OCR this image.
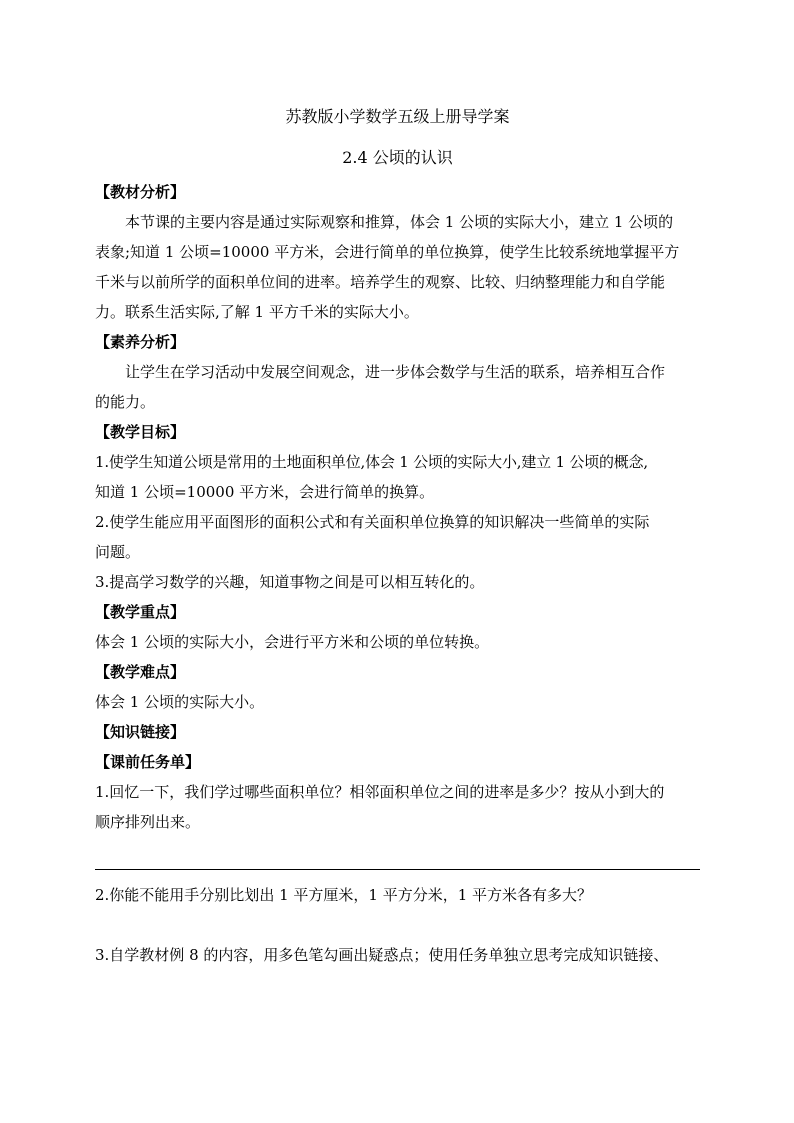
苏教版小学数学五级上册导学案
2.4 公顷的认识
【教材分析】

本节课的主要内容是通过实际观察和推算，体会 1 公顷的实际大小，建立 1 公顷的

表象;知道 1 公顷=10000 平方米，会进行简单的单位换算，使学生比较系统地掌握平方

千米与以前所学的面积单位间的进率。培养学生的观察、比较、归纳整理能力和自学能

力。联系生活实际,了解 1 平方千米的实际大小。

【素养分析】

让学生在学习活动中发展空间观念，进一步体会数学与生活的联系，培养相互合作

的能力。

【教学目标】

1.使学生知道公顷是常用的土地面积单位,体会 1 公顷的实际大小,建立 1 公顷的概念,

知道 1 公顷=10000 平方米，会进行简单的换算。

2.使学生能应用平面图形的面积公式和有关面积单位换算的知识解决一些简单的实际

问题。

3.提高学习数学的兴趣，知道事物之间是可以相互转化的。

【教学重点】

体会 1 公顷的实际大小，会进行平方米和公顷的单位转换。

【教学难点】

体会 1 公顷的实际大小。

【知识链接】
【课前任务单】

1.回忆一下，我们学过哪些面积单位？相邻面积单位之间的进率是多少？按从小到大的

顺序排列出来。

2.你能不能用手分别比划出 1 平方厘米，1 平方分米，1 平方米各有多大？

3.自学教材例 8 的内容，用多色笔勾画出疑惑点；使用任务单独立思考完成知识链接、
